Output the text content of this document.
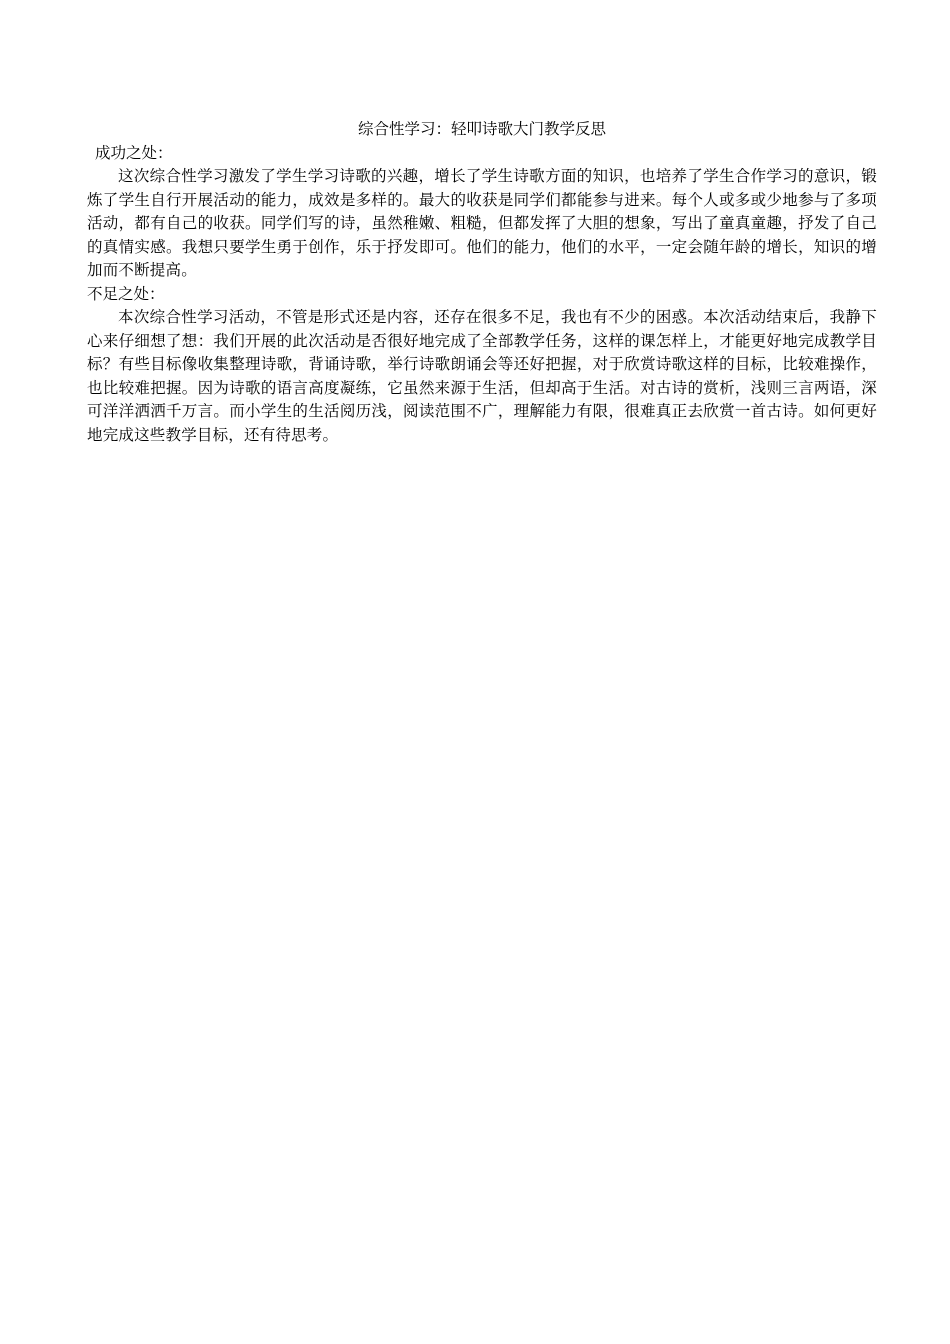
综合性学习：轻叩诗歌大门教学反思
成功之处：

这次综合性学习激发了学生学习诗歌的兴趣，增长了学生诗歌方面的知识，也培养了学生合作学习的意识，锻炼了学生自行开展活动的能力，成效是多样的。最大的收获是同学们都能参与进来。每个人或多或少地参与了多项活动，都有自己的收获。同学们写的诗，虽然稚嫩、粗糙，但都发挥了大胆的想象，写出了童真童趣，抒发了自己的真情实感。我想只要学生勇于创作，乐于抒发即可。他们的能力，他们的水平，一定会随年龄的增长，知识的增加而不断提高。

不足之处：

本次综合性学习活动，不管是形式还是内容，还存在很多不足，我也有不少的困惑。本次活动结束后，我静下心来仔细想了想：我们开展的此次活动是否很好地完成了全部教学任务，这样的课怎样上，才能更好地完成教学目标？有些目标像收集整理诗歌，背诵诗歌，举行诗歌朗诵会等还好把握，对于欣赏诗歌这样的目标，比较难操作，也比较难把握。因为诗歌的语言高度凝练，它虽然来源于生活，但却高于生活。对古诗的赏析，浅则三言两语，深可洋洋洒洒千万言。而小学生的生活阅历浅，阅读范围不广，理解能力有限，很难真正去欣赏一首古诗。如何更好地完成这些教学目标，还有待思考。
